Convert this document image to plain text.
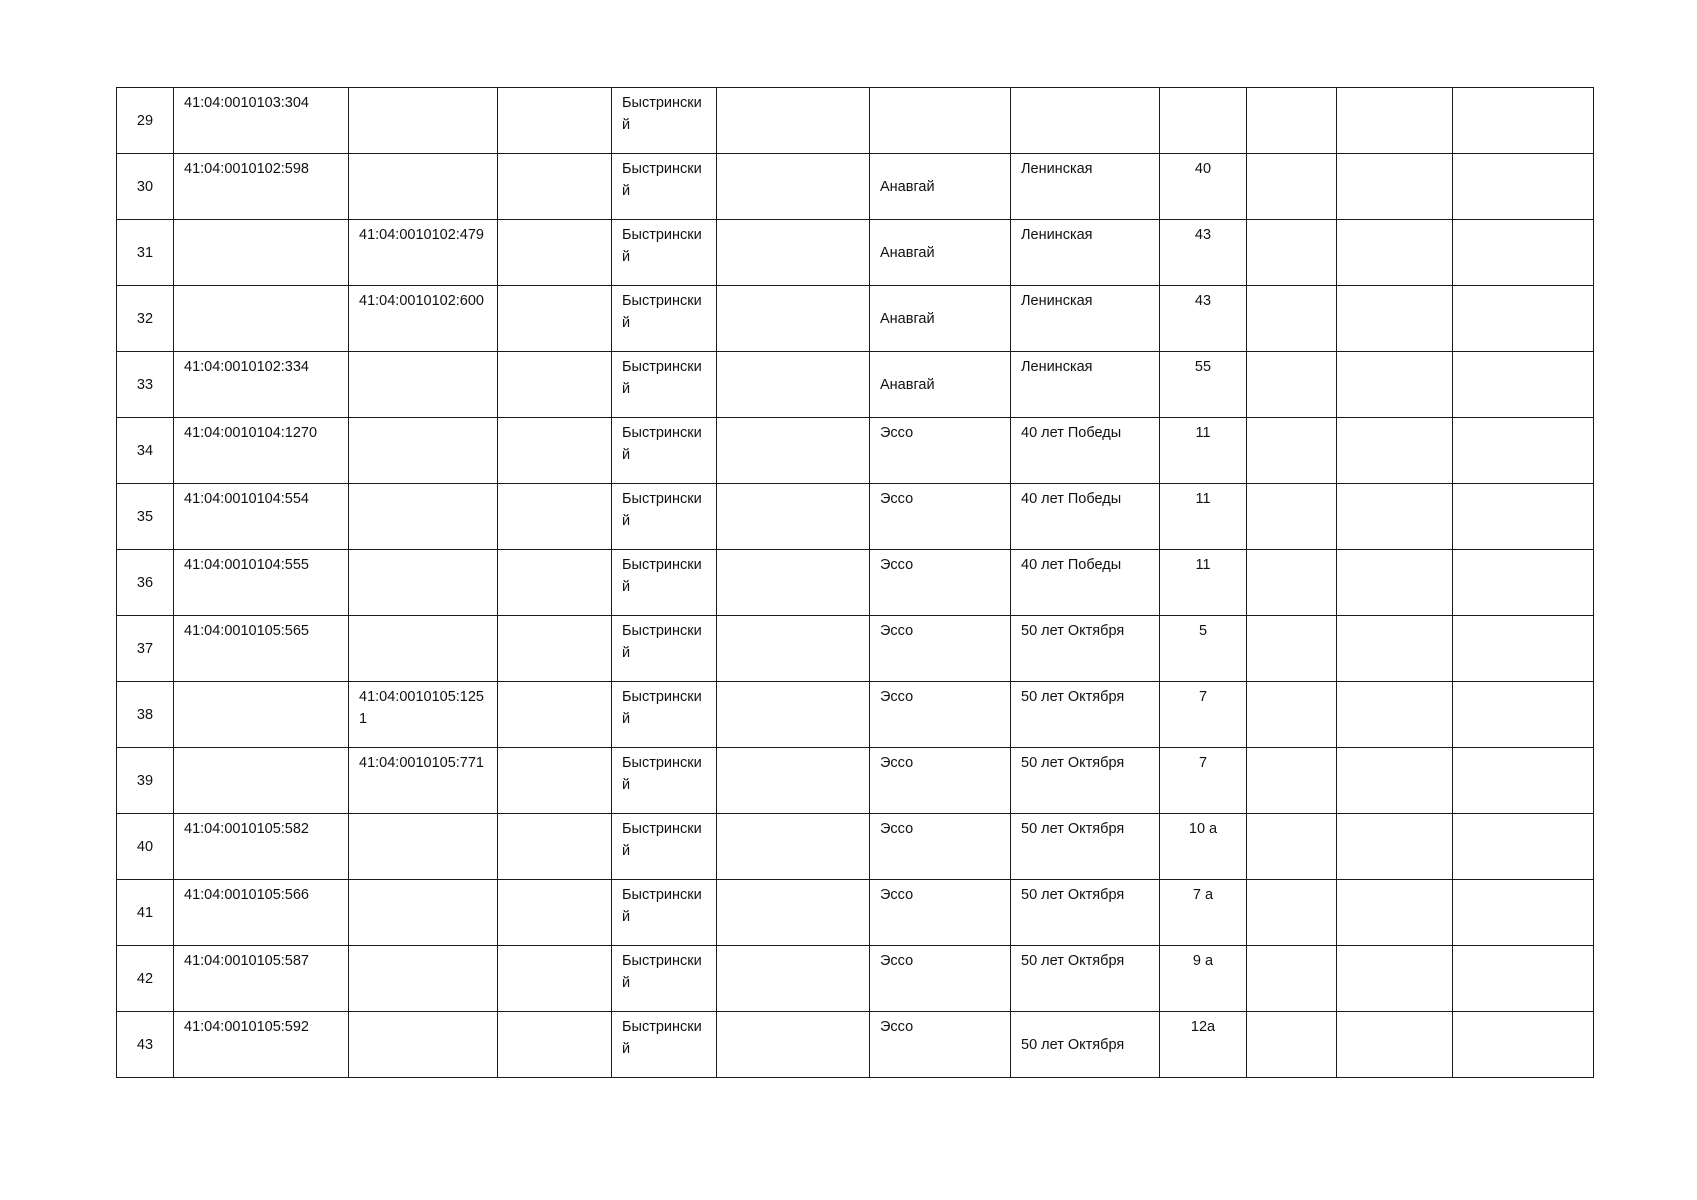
29	41:04:0010103:304			Быстринский							
30	41:04:0010102:598			Быстринский		Анавгай	Ленинская	40			
31		41:04:0010102:479		Быстринский		Анавгай	Ленинская	43			
32		41:04:0010102:600		Быстринский		Анавгай	Ленинская	43			
33	41:04:0010102:334			Быстринский		Анавгай	Ленинская	55			
34	41:04:0010104:1270			Быстринский		Эссо	40 лет Победы	11			
35	41:04:0010104:554			Быстринский		Эссо	40 лет Победы	11			
36	41:04:0010104:555			Быстринский		Эссо	40 лет Победы	11			
37	41:04:0010105:565			Быстринский		Эссо	50 лет Октября	5			
38		41:04:0010105:1251		Быстринский		Эссо	50 лет Октября	7			
39		41:04:0010105:771		Быстринский		Эссо	50 лет Октября	7			
40	41:04:0010105:582			Быстринский		Эссо	50 лет Октября	10 а			
41	41:04:0010105:566			Быстринский		Эссо	50 лет Октября	7 а			
42	41:04:0010105:587			Быстринский		Эссо	50 лет Октября	9 а			
43	41:04:0010105:592			Быстринский		Эссо	50 лет Октября	12а			
